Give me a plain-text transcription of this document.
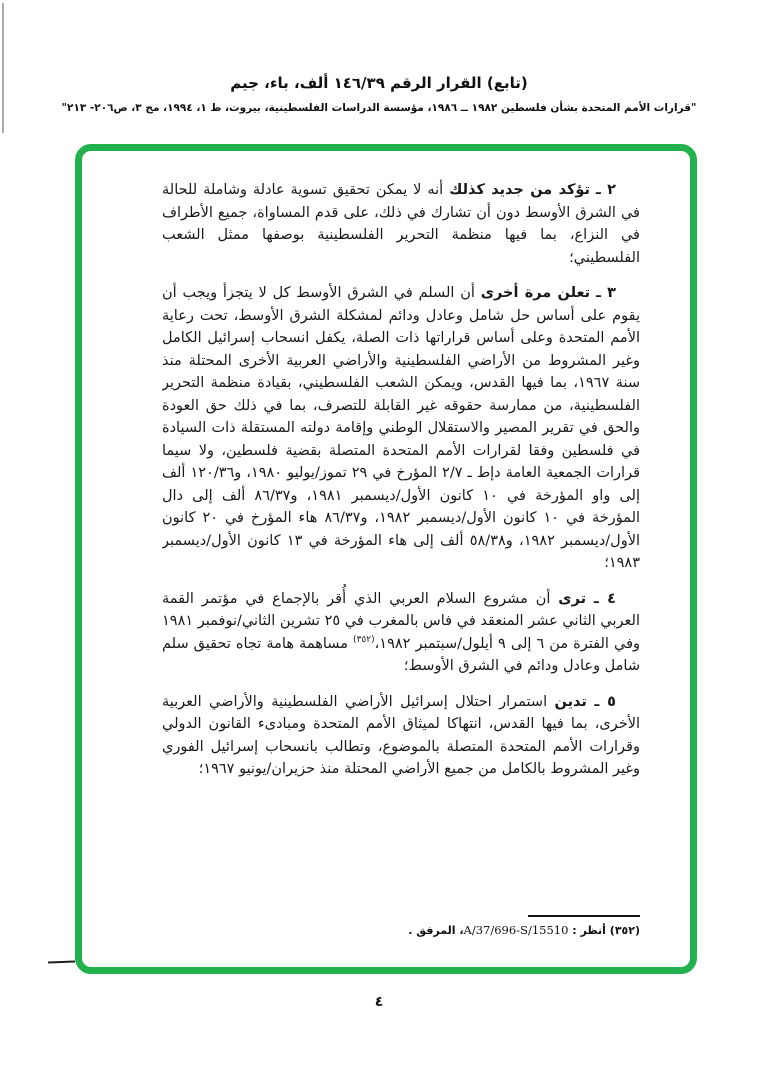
(تابع) القرار الرقم ١٤٦/٣٩ ألف، باء، جيم
"قرارات الأمم المتحدة بشأن فلسطين ١٩٨٢ ــ ١٩٨٦، مؤسسة الدراسات الفلسطينية، بيروت، ط ١، ١٩٩٤، مج ٣، ص٢٠٦- ٢١٣"

٢ ـ تؤكد من جديد كذلك أنه لا يمكن تحقيق تسوية عادلة وشاملة للحالة في الشرق الأوسط دون أن تشارك في ذلك، على قدم المساواة، جميع الأطراف في النزاع، بما فيها منظمة التحرير الفلسطينية بوصفها ممثل الشعب الفلسطيني؛

٣ ـ تعلن مرة أخرى أن السلم في الشرق الأوسط كل لا يتجزأ ويجب أن يقوم على أساس حل شامل وعادل ودائم لمشكلة الشرق الأوسط، تحت رعاية الأمم المتحدة وعلى أساس قراراتها ذات الصلة، يكفل انسحاب إسرائيل الكامل وغير المشروط من الأراضي الفلسطينية والأراضي العربية الأخرى المحتلة منذ سنة ١٩٦٧، بما فيها القدس، ويمكن الشعب الفلسطيني، بقيادة منظمة التحرير الفلسطينية، من ممارسة حقوقه غير القابلة للتصرف، بما في ذلك حق العودة والحق في تقرير المصير والاستقلال الوطني وإقامة دولته المستقلة ذات السيادة في فلسطين وفقا لقرارات الأمم المتحدة المتصلة بقضية فلسطين، ولا سيما قرارات الجمعية العامة دإط ـ ٢/٧ المؤرخ في ٢٩ تموز/يوليو ١٩٨٠، و١٢٠/٣٦ ألف إلى واو المؤرخة في ١٠ كانون الأول/ديسمبر ١٩٨١، و٨٦/٣٧ ألف إلى دال المؤرخة في ١٠ كانون الأول/ديسمبر ١٩٨٢، و٨٦/٣٧ هاء المؤرخ في ٢٠ كانون الأول/ديسمبر ١٩٨٢، و٥٨/٣٨ ألف إلى هاء المؤرخة في ١٣ كانون الأول/ديسمبر ١٩٨٣؛

٤ ـ ترى أن مشروع السلام العربي الذي أُقر بالإجماع في مؤتمر القمة العربي الثاني عشر المنعقد في فاس بالمغرب في ٢٥ تشرين الثاني/نوفمبر ١٩٨١ وفي الفترة من ٦ إلى ٩ أيلول/سبتمبر ١٩٨٢،$^{(٣٥٢)}$ مساهمة هامة تجاه تحقيق سلم شامل وعادل ودائم في الشرق الأوسط؛

٥ ـ تدين استمرار احتلال إسرائيل الأراضي الفلسطينية والأراضي العربية الأخرى، بما فيها القدس، انتهاكا لميثاق الأمم المتحدة ومبادىء القانون الدولي وقرارات الأمم المتحدة المتصلة بالموضوع، وتطالب بانسحاب إسرائيل الفوري وغير المشروط بالكامل من جميع الأراضي المحتلة منذ حزيران/يونيو ١٩٦٧؛

(٣٥٢) أنظر : A/37/696-S/15510، المرفق .
٤
